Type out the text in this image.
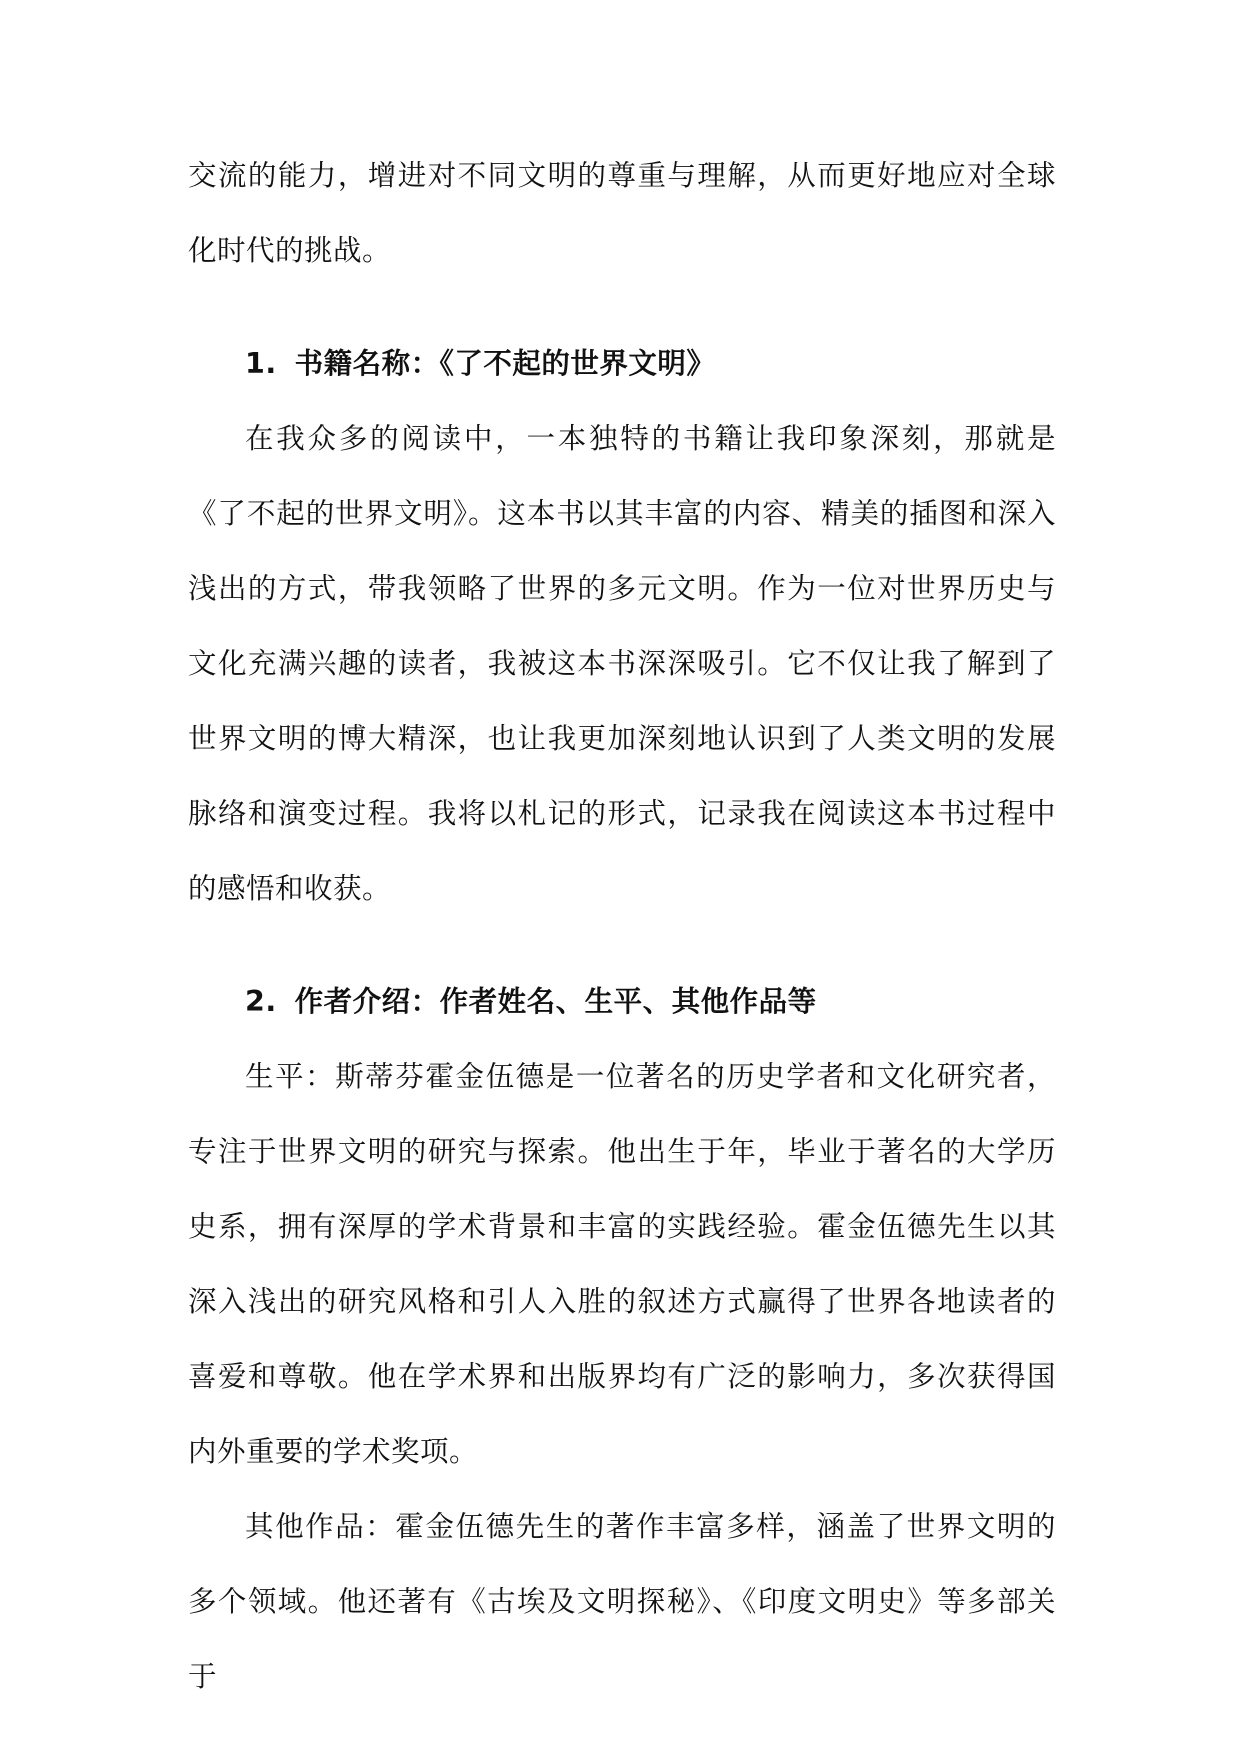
交流的能力，增进对不同文明的尊重与理解，从而更好地应对全球化时代的挑战。

1. 书籍名称：《了不起的世界文明》

在我众多的阅读中，一本独特的书籍让我印象深刻，那就是《了不起的世界文明》。这本书以其丰富的内容、精美的插图和深入浅出的方式，带我领略了世界的多元文明。作为一位对世界历史与文化充满兴趣的读者，我被这本书深深吸引。它不仅让我了解到了世界文明的博大精深，也让我更加深刻地认识到了人类文明的发展脉络和演变过程。我将以札记的形式，记录我在阅读这本书过程中的感悟和收获。

2. 作者介绍：作者姓名、生平、其他作品等

生平：斯蒂芬霍金伍德是一位著名的历史学者和文化研究者，专注于世界文明的研究与探索。他出生于年，毕业于著名的大学历史系，拥有深厚的学术背景和丰富的实践经验。霍金伍德先生以其深入浅出的研究风格和引人入胜的叙述方式赢得了世界各地读者的喜爱和尊敬。他在学术界和出版界均有广泛的影响力，多次获得国内外重要的学术奖项。

其他作品：霍金伍德先生的著作丰富多样，涵盖了世界文明的多个领域。他还著有《古埃及文明探秘》、《印度文明史》等多部关于
